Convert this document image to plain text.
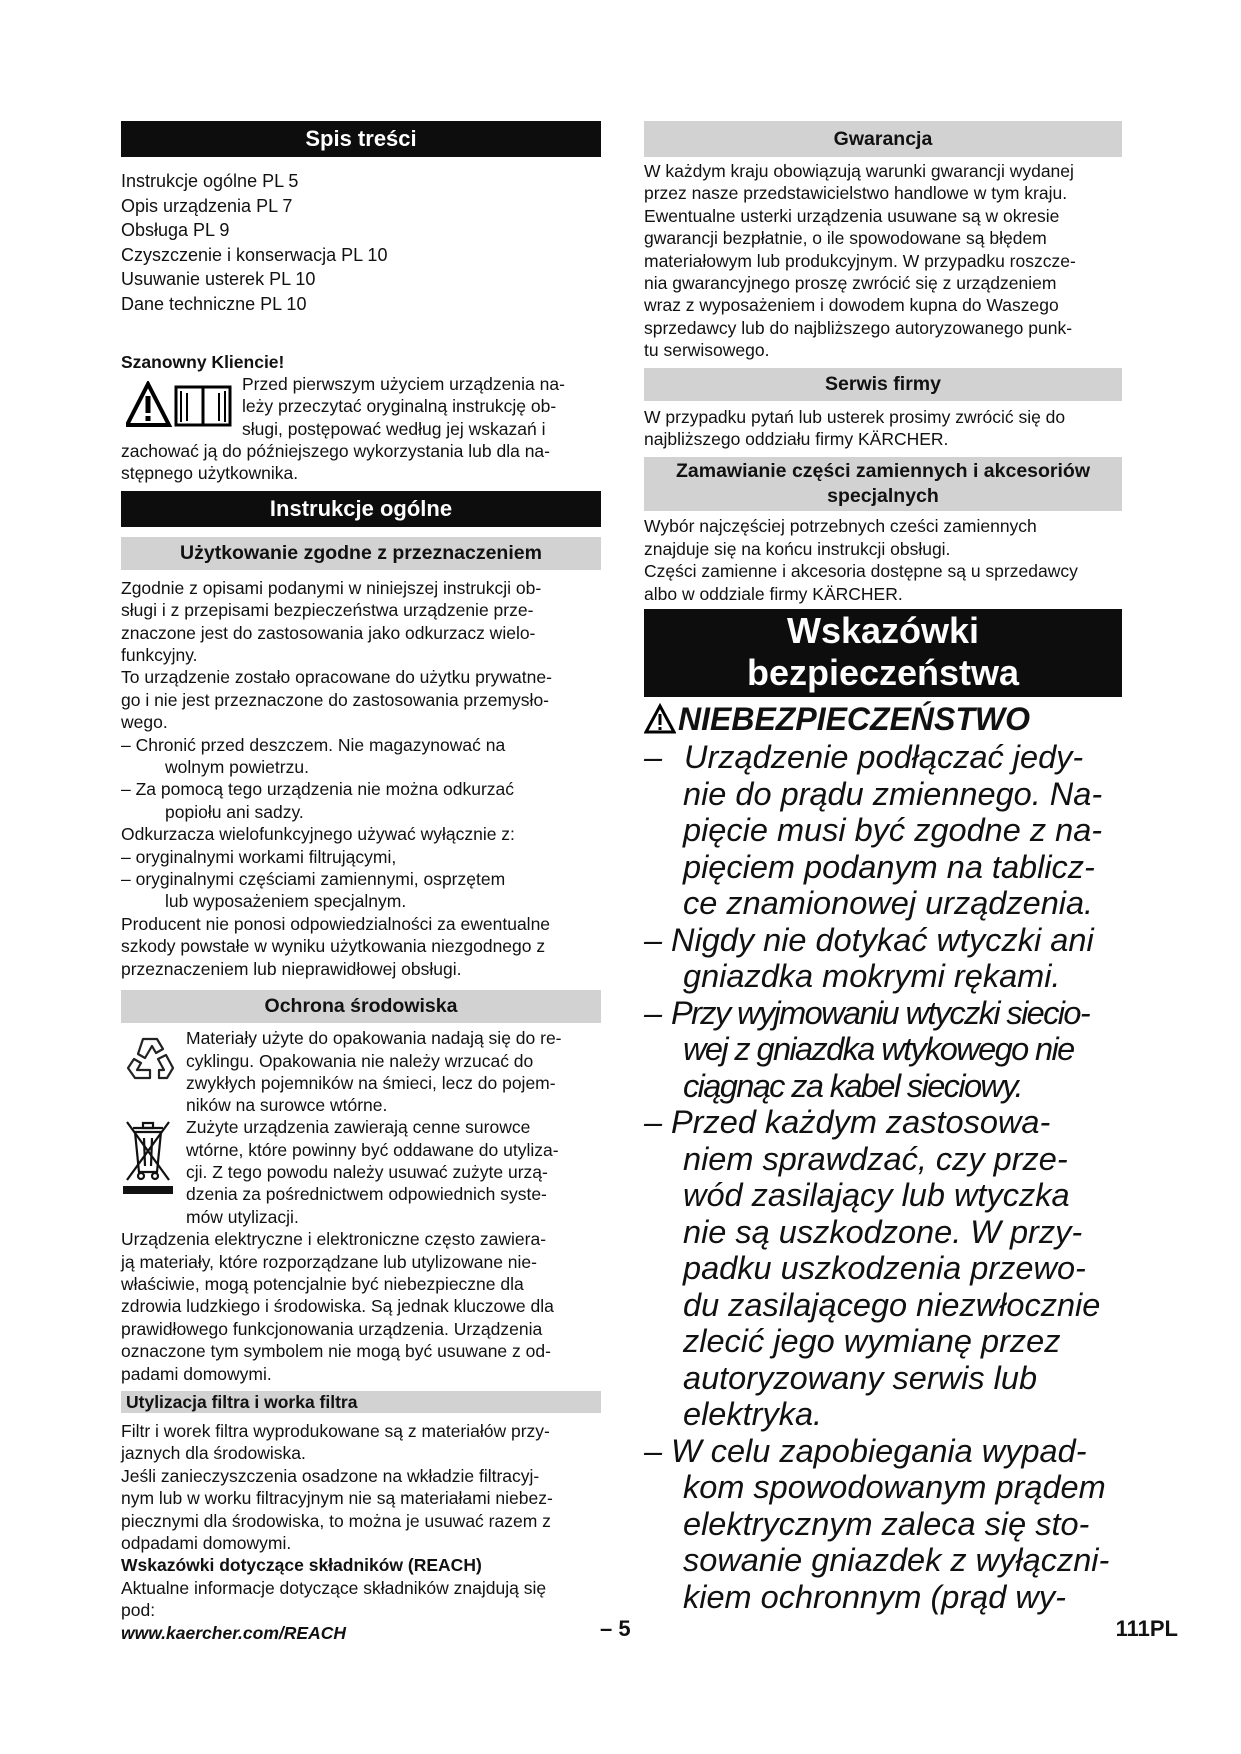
Spis treści
Instrukcje ogólne PL 5
Opis urządzenia PL 7
Obsługa PL 9
Czyszczenie i konserwacja PL 10
Usuwanie usterek PL 10
Dane techniczne PL 10
Szanowny Kliencie!
Przed pierwszym użyciem urządzenia na-
leży przeczytać oryginalną instrukcję ob-
sługi, postępować według jej wskazań i
zachować ją do późniejszego wykorzystania lub dla na-
stępnego użytkownika.
Instrukcje ogólne
Użytkowanie zgodne z przeznaczeniem
Zgodnie z opisami podanymi w niniejszej instrukcji ob-
sługi i z przepisami bezpieczeństwa urządzenie prze-
znaczone jest do zastosowania jako odkurzacz wielo-
funkcyjny.
To urządzenie zostało opracowane do użytku prywatne-
go i nie jest przeznaczone do zastosowania przemysło-
wego.
– Chronić przed deszczem. Nie magazynować na
wolnym powietrzu.
– Za pomocą tego urządzenia nie można odkurzać
popiołu ani sadzy.
Odkurzacza wielofunkcyjnego używać wyłącznie z:
– oryginalnymi workami filtrującymi,
– oryginalnymi częściami zamiennymi, osprzętem
lub wyposażeniem specjalnym.
Producent nie ponosi odpowiedzialności za ewentualne
szkody powstałe w wyniku użytkowania niezgodnego z
przeznaczeniem lub nieprawidłowej obsługi.
Ochrona środowiska
Materiały użyte do opakowania nadają się do re-
cyklingu. Opakowania nie należy wrzucać do
zwykłych pojemników na śmieci, lecz do pojem-
ników na surowce wtórne.
Zużyte urządzenia zawierają cenne surowce
wtórne, które powinny być oddawane do utyliza-
cji. Z tego powodu należy usuwać zużyte urzą-
dzenia za pośrednictwem odpowiednich syste-
mów utylizacji.
Urządzenia elektryczne i elektroniczne często zawiera-
ją materiały, które rozporządzane lub utylizowane nie-
właściwie, mogą potencjalnie być niebezpieczne dla
zdrowia ludzkiego i środowiska. Są jednak kluczowe dla
prawidłowego funkcjonowania urządzenia. Urządzenia
oznaczone tym symbolem nie mogą być usuwane z od-
padami domowymi.
Utylizacja filtra i worka filtra
Filtr i worek filtra wyprodukowane są z materiałów przy-
jaznych dla środowiska.
Jeśli zanieczyszczenia osadzone na wkładzie filtracyj-
nym lub w worku filtracyjnym nie są materiałami niebez-
piecznymi dla środowiska, to można je usuwać razem z
odpadami domowymi.
Wskazówki dotyczące składników (REACH)
Aktualne informacje dotyczące składników znajdują się
pod:
www.kaercher.com/REACH
Gwarancja
W każdym kraju obowiązują warunki gwarancji wydanej
przez nasze przedstawicielstwo handlowe w tym kraju.
Ewentualne usterki urządzenia usuwane są w okresie
gwarancji bezpłatnie, o ile spowodowane są błędem
materiałowym lub produkcyjnym. W przypadku roszcze-
nia gwarancyjnego proszę zwrócić się z urządzeniem
wraz z wyposażeniem i dowodem kupna do Waszego
sprzedawcy lub do najbliższego autoryzowanego punk-
tu serwisowego.
Serwis firmy
W przypadku pytań lub usterek prosimy zwrócić się do
najbliższego oddziału firmy KÄRCHER.
Zamawianie części zamiennych i akcesoriów
specjalnych
Wybór najczęściej potrzebnych cześci zamiennych
znajduje się na końcu instrukcji obsługi.
Części zamienne i akcesoria dostępne są u sprzedawcy
albo w oddziale firmy KÄRCHER.
Wskazówki
bezpieczeństwa
NIEBEZPIECZEŃSTWO
– Urządzenie podłączać jedy-
nie do prądu zmiennego. Na-
pięcie musi być zgodne z na-
pięciem podanym na tablicz-
ce znamionowej urządzenia.
– Nigdy nie dotykać wtyczki ani
gniazdka mokrymi rękami.
– Przy wyjmowaniu wtyczki siecio-
wej z gniazdka wtykowego nie
ciągnąc za kabel sieciowy.
– Przed każdym zastosowa-
niem sprawdzać, czy prze-
wód zasilający lub wtyczka
nie są uszkodzone. W przy-
padku uszkodzenia przewo-
du zasilającego niezwłocznie
zlecić jego wymianę przez
autoryzowany serwis lub
elektryka.
– W celu zapobiegania wypad-
kom spowodowanym prądem
elektrycznym zaleca się sto-
sowanie gniazdek z wyłączni-
kiem ochronnym (prąd wy-
– 5	111PL
